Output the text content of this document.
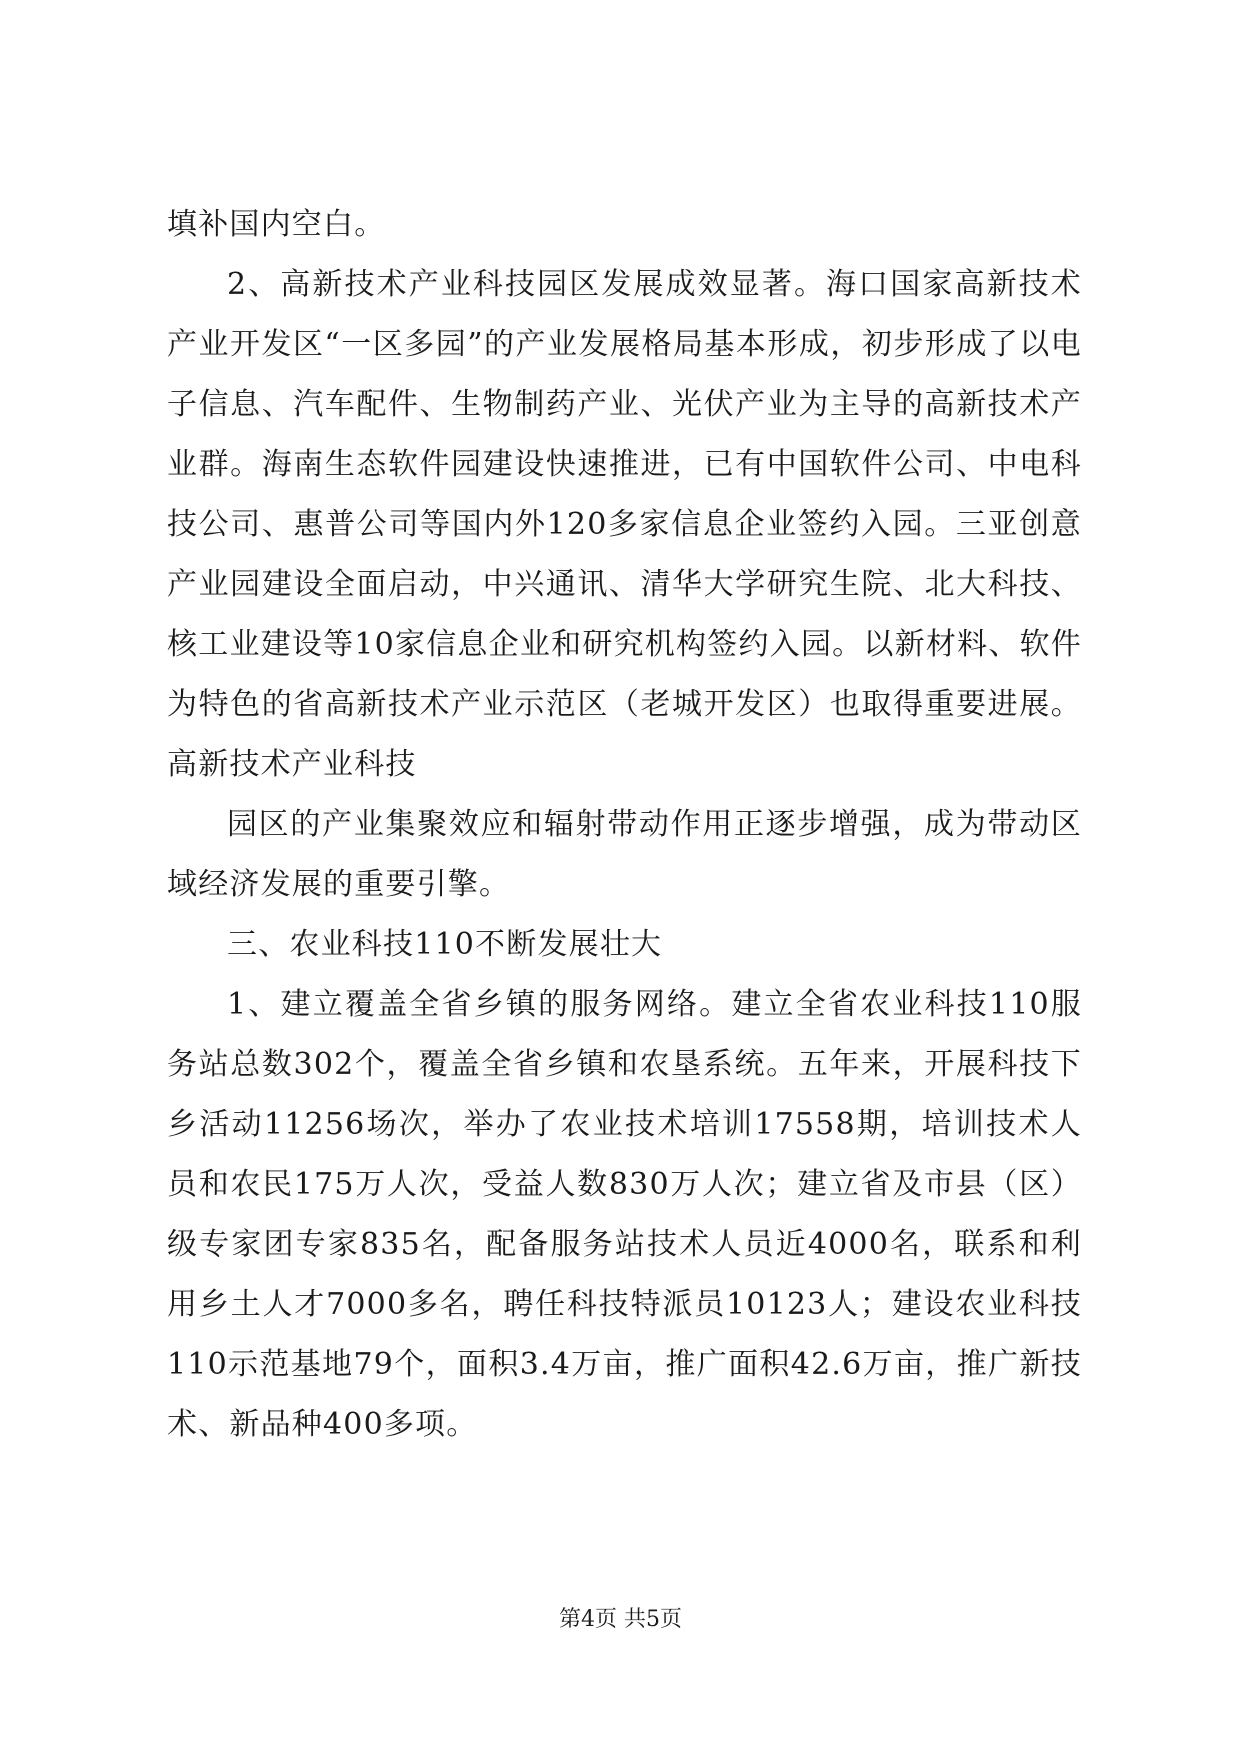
填补国内空白。

2、高新技术产业科技园区发展成效显著。海口国家高新技术产业开发区“一区多园”的产业发展格局基本形成，初步形成了以电子信息、汽车配件、生物制药产业、光伏产业为主导的高新技术产业群。海南生态软件园建设快速推进，已有中国软件公司、中电科技公司、惠普公司等国内外120多家信息企业签约入园。三亚创意产业园建设全面启动，中兴通讯、清华大学研究生院、北大科技、核工业建设等10家信息企业和研究机构签约入园。以新材料、软件为特色的省高新技术产业示范区（老城开发区）也取得重要进展。高新技术产业科技

园区的产业集聚效应和辐射带动作用正逐步增强，成为带动区域经济发展的重要引擎。

三、农业科技110不断发展壮大

1、建立覆盖全省乡镇的服务网络。建立全省农业科技110服务站总数302个，覆盖全省乡镇和农垦系统。五年来，开展科技下乡活动11256场次，举办了农业技术培训17558期，培训技术人员和农民175万人次，受益人数830万人次；建立省及市县（区）级专家团专家835名，配备服务站技术人员近4000名，联系和利用乡土人才7000多名，聘任科技特派员10123人；建设农业科技110示范基地79个，面积3.4万亩，推广面积42.6万亩，推广新技术、新品种400多项。

第4页 共5页
